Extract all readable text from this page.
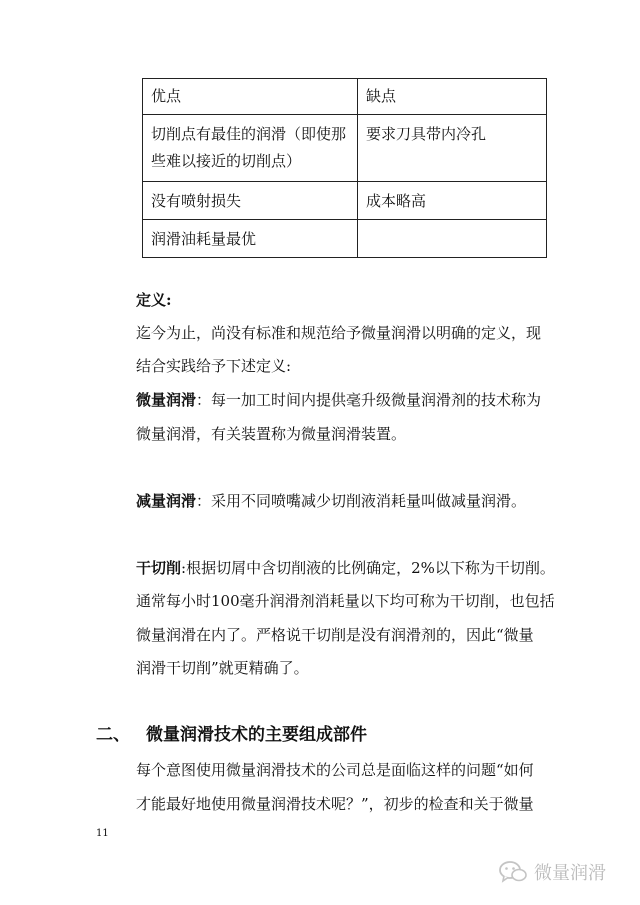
优点	缺点

切削点有最佳的润滑（即使那
些难以接近的切削点）	要求刀具带内冷孔
没有喷射损失	成本略高
润滑油耗量最优	
定义:
迄今为止，尚没有标准和规范给予微量润滑以明确的定义，现
结合实践给予下述定义:
微量润滑：每一加工时间内提供毫升级微量润滑剂的技术称为
微量润滑，有关装置称为微量润滑装置。
减量润滑：采用不同喷嘴减少切削液消耗量叫做减量润滑。
干切削:根据切屑中含切削液的比例确定，2%以下称为干切削。
通常每小时100毫升润滑剂消耗量以下均可称为干切削，也包括
微量润滑在内了。严格说干切削是没有润滑剂的，因此“微量
润滑干切削”就更精确了。
二、 微量润滑技术的主要组成部件
每个意图使用微量润滑技术的公司总是面临这样的问题“如何
才能最好地使用微量润滑技术呢？”，初步的检查和关于微量
11
微量润滑
